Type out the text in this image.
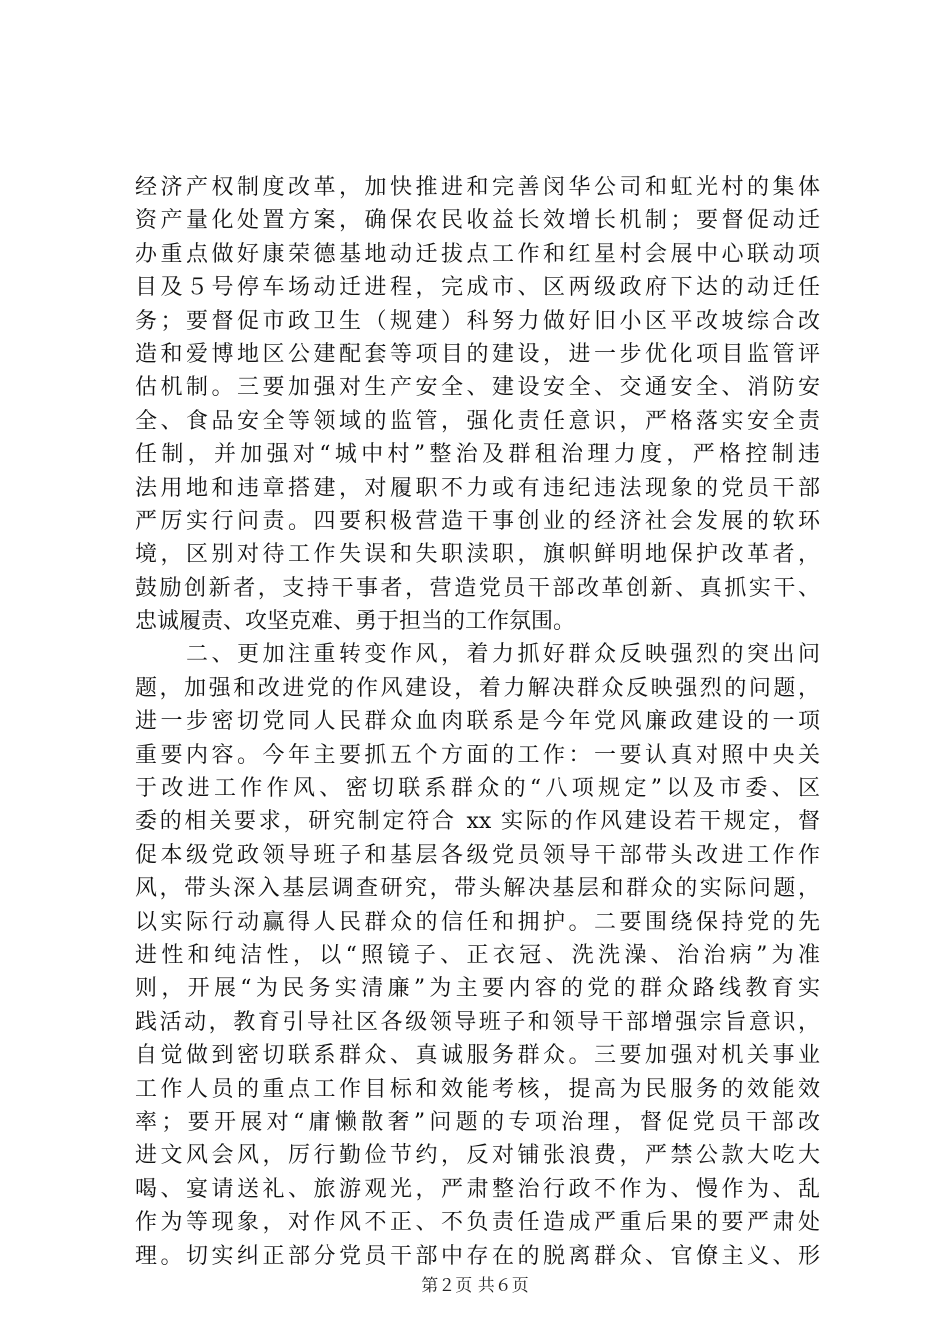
经济产权制度改革，加快推进和完善闵华公司和虹光村的集体
资产量化处置方案，确保农民收益长效增长机制；要督促动迁
办重点做好康荣德基地动迁拔点工作和红星村会展中心联动项
目及５号停车场动迁进程，完成市、区两级政府下达的动迁任
务；要督促市政卫生（规建）科努力做好旧小区平改坡综合改
造和爱博地区公建配套等项目的建设，进一步优化项目监管评
估机制。三要加强对生产安全、建设安全、交通安全、消防安
全、食品安全等领域的监管，强化责任意识，严格落实安全责
任制，并加强对“城中村”整治及群租治理力度，严格控制违
法用地和违章搭建，对履职不力或有违纪违法现象的党员干部
严厉实行问责。四要积极营造干事创业的经济社会发展的软环
境，区别对待工作失误和失职渎职，旗帜鲜明地保护改革者，
鼓励创新者，支持干事者，营造党员干部改革创新、真抓实干、
忠诚履责、攻坚克难、勇于担当的工作氛围。
　　二、更加注重转变作风，着力抓好群众反映强烈的突出问
题，加强和改进党的作风建设，着力解决群众反映强烈的问题，
进一步密切党同人民群众血肉联系是今年党风廉政建设的一项
重要内容。今年主要抓五个方面的工作：一要认真对照中央关
于改进工作作风、密切联系群众的“八项规定”以及市委、区
委的相关要求，研究制定符合 xx 实际的作风建设若干规定，督
促本级党政领导班子和基层各级党员领导干部带头改进工作作
风，带头深入基层调查研究，带头解决基层和群众的实际问题，
以实际行动赢得人民群众的信任和拥护。二要围绕保持党的先
进性和纯洁性，以“照镜子、正衣冠、洗洗澡、治治病”为准
则，开展“为民务实清廉”为主要内容的党的群众路线教育实
践活动，教育引导社区各级领导班子和领导干部增强宗旨意识，
自觉做到密切联系群众、真诚服务群众。三要加强对机关事业
工作人员的重点工作目标和效能考核，提高为民服务的效能效
率；要开展对“庸懒散奢”问题的专项治理，督促党员干部改
进文风会风，厉行勤俭节约，反对铺张浪费，严禁公款大吃大
喝、宴请送礼、旅游观光，严肃整治行政不作为、慢作为、乱
作为等现象，对作风不正、不负责任造成严重后果的要严肃处
理。切实纠正部分党员干部中存在的脱离群众、官僚主义、形
第２页 共６页
